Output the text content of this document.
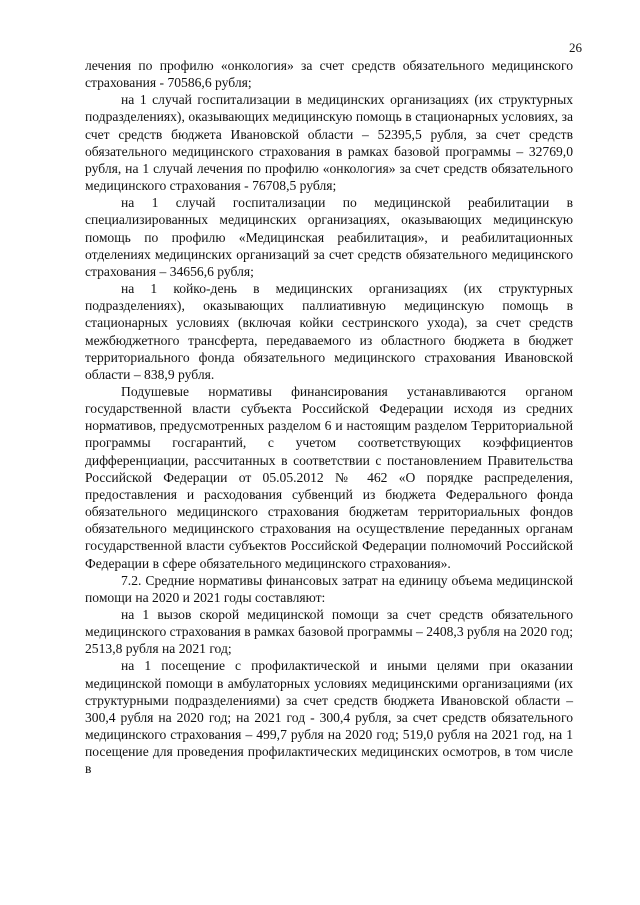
26

лечения по профилю «онкология» за счет средств обязательного медицинского страхования - 70586,6 рубля;

на 1 случай госпитализации в медицинских организациях (их структурных подразделениях), оказывающих медицинскую помощь в стационарных условиях, за счет средств бюджета Ивановской области – 52395,5 рубля, за счет средств обязательного медицинского страхования в рамках базовой программы – 32769,0 рубля, на 1 случай лечения по профилю «онкология» за счет средств обязательного медицинского страхования - 76708,5 рубля;

на 1 случай госпитализации по медицинской реабилитации в специализированных медицинских организациях, оказывающих медицинскую помощь по профилю «Медицинская реабилитация», и реабилитационных отделениях медицинских организаций за счет средств обязательного медицинского страхования – 34656,6 рубля;

на 1 койко-день в медицинских организациях (их структурных подразделениях), оказывающих паллиативную медицинскую помощь в стационарных условиях (включая койки сестринского ухода), за счет средств межбюджетного трансферта, передаваемого из областного бюджета в бюджет территориального фонда обязательного медицинского страхования Ивановской области – 838,9 рубля.

Подушевые нормативы финансирования устанавливаются органом государственной власти субъекта Российской Федерации исходя из средних нормативов, предусмотренных разделом 6 и настоящим разделом Территориальной программы госгарантий, с учетом соответствующих коэффициентов дифференциации, рассчитанных в соответствии с постановлением Правительства Российской Федерации от 05.05.2012 № 462 «О порядке распределения, предоставления и расходования субвенций из бюджета Федерального фонда обязательного медицинского страхования бюджетам территориальных фондов обязательного медицинского страхования на осуществление переданных органам государственной власти субъектов Российской Федерации полномочий Российской Федерации в сфере обязательного медицинского страхования».

7.2. Средние нормативы финансовых затрат на единицу объема медицинской помощи на 2020 и 2021 годы составляют:

на 1 вызов скорой медицинской помощи за счет средств обязательного медицинского страхования в рамках базовой программы – 2408,3 рубля на 2020 год; 2513,8 рубля на 2021 год;

на 1 посещение с профилактической и иными целями при оказании медицинской помощи в амбулаторных условиях медицинскими организациями (их структурными подразделениями) за счет средств бюджета Ивановской области – 300,4 рубля на 2020 год; на 2021 год - 300,4 рубля, за счет средств обязательного медицинского страхования – 499,7 рубля на 2020 год; 519,0 рубля на 2021 год, на 1 посещение для проведения профилактических медицинских осмотров, в том числе в
